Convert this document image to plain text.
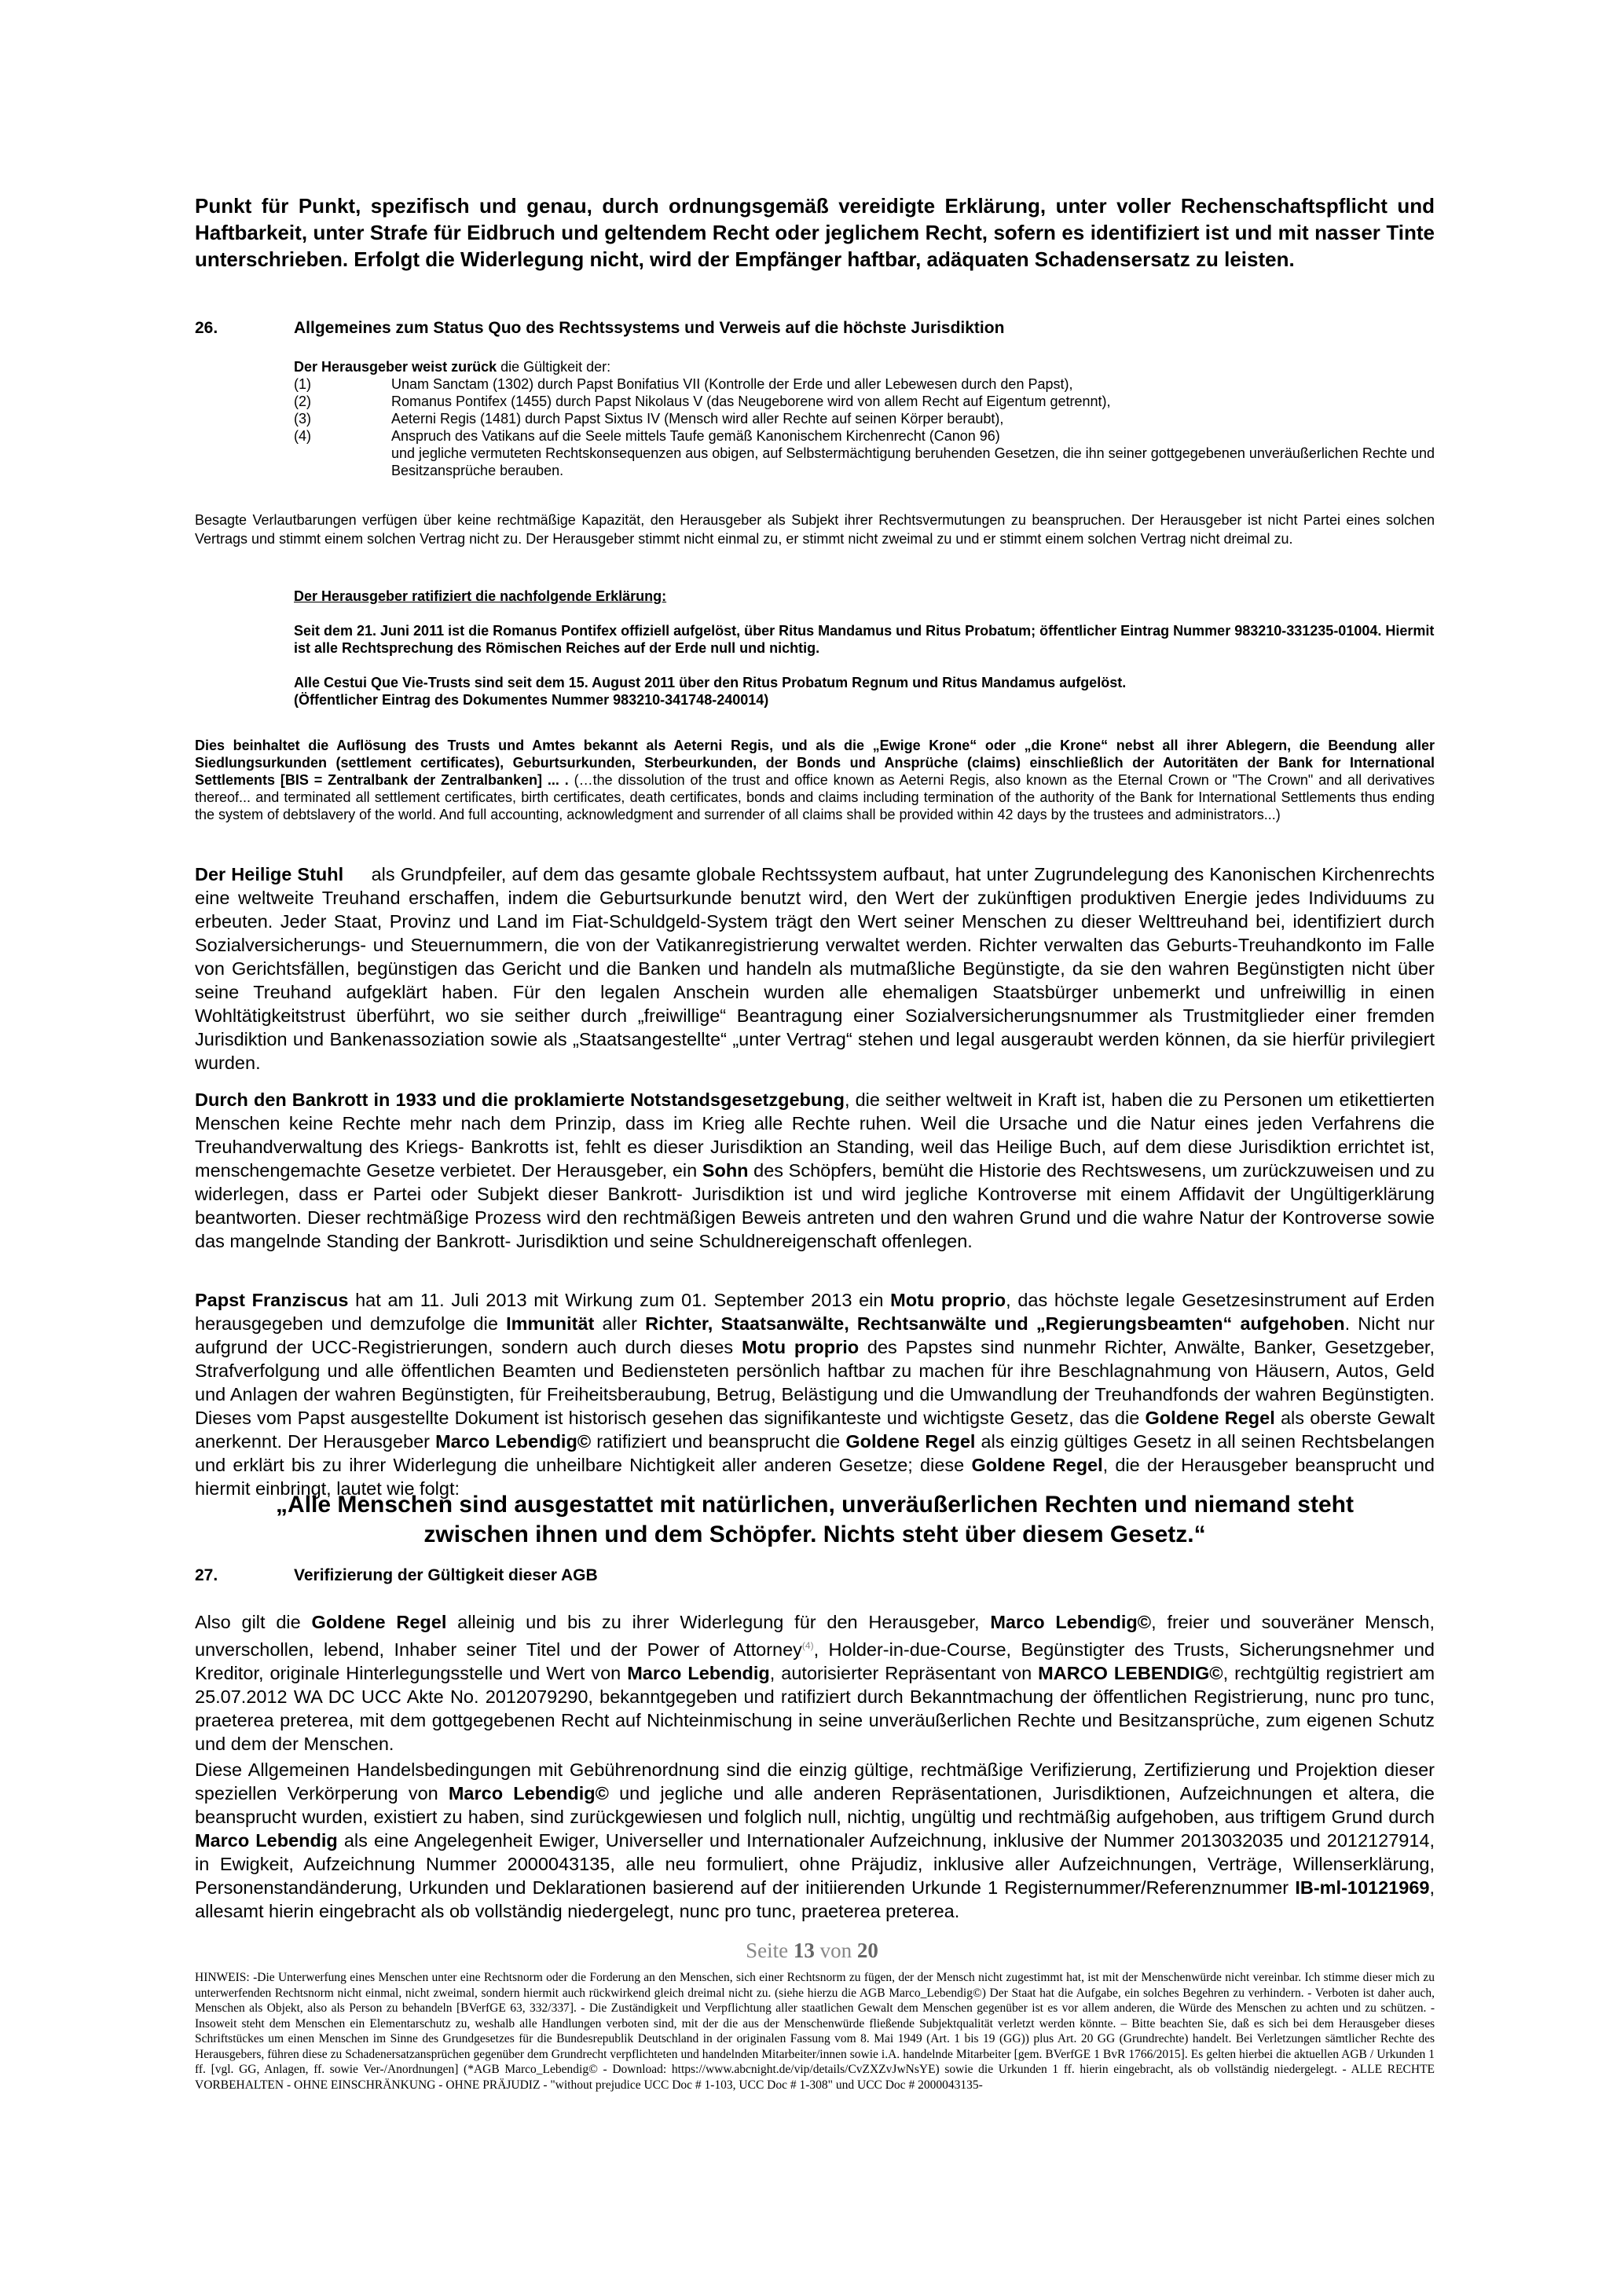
Punkt für Punkt, spezifisch und genau, durch ordnungsgemäß vereidigte Erklärung, unter voller Rechenschaftspflicht und Haftbarkeit, unter Strafe für Eidbruch und geltendem Recht oder jeglichem Recht, sofern es identifiziert ist und mit nasser Tinte unterschrieben. Erfolgt die Widerlegung nicht, wird der Empfänger haftbar, adäquaten Schadensersatz zu leisten.
26.	Allgemeines zum Status Quo des Rechtssystems und Verweis auf die höchste Jurisdiktion
Der Herausgeber weist zurück die Gültigkeit der:
(1)	Unam Sanctam (1302) durch Papst Bonifatius VII (Kontrolle der Erde und aller Lebewesen durch den Papst),
(2)	Romanus Pontifex (1455) durch Papst Nikolaus V (das Neugeborene wird von allem Recht auf Eigentum getrennt),
(3)	Aeterni Regis (1481) durch Papst Sixtus IV (Mensch wird aller Rechte auf seinen Körper beraubt),
(4)	Anspruch des Vatikans auf die Seele mittels Taufe gemäß Kanonischem Kirchenrecht (Canon 96)
und jegliche vermuteten Rechtskonsequenzen aus obigen, auf Selbstermächtigung beruhenden Gesetzen, die ihn seiner gottgegebenen unveräußerlichen Rechte und Besitzansprüche berauben.
Besagte Verlautbarungen verfügen über keine rechtmäßige Kapazität, den Herausgeber als Subjekt ihrer Rechtsvermutungen zu beanspruchen. Der Herausgeber ist nicht Partei eines solchen Vertrags und stimmt einem solchen Vertrag nicht zu. Der Herausgeber stimmt nicht einmal zu, er stimmt nicht zweimal zu und er stimmt einem solchen Vertrag nicht dreimal zu.

Der Herausgeber ratifiziert die nachfolgende Erklärung:

Seit dem 21. Juni 2011 ist die Romanus Pontifex offiziell aufgelöst, über Ritus Mandamus und Ritus Probatum; öffentlicher Eintrag Nummer 983210-331235-01004. Hiermit ist alle Rechtsprechung des Römischen Reiches auf der Erde null und nichtig.

Alle Cestui Que Vie-Trusts sind seit dem 15. August 2011 über den Ritus Probatum Regnum und Ritus Mandamus aufgelöst.
(Öffentlicher Eintrag des Dokumentes Nummer 983210-341748-240014)

Dies beinhaltet die Auflösung des Trusts und Amtes bekannt als Aeterni Regis, und als die „Ewige Krone“ oder „die Krone“ nebst all ihrer Ablegern, die Beendung aller Siedlungsurkunden (settlement certificates), Geburtsurkunden, Sterbeurkunden, der Bonds und Ansprüche (claims) einschließlich der Autoritäten der Bank for International Settlements [BIS = Zentralbank der Zentralbanken] ... . (…the dissolution of the trust and office known as Aeterni Regis, also known as the Eternal Crown or "The Crown" and all derivatives thereof... and terminated all settlement certificates, birth certificates, death certificates, bonds and claims including termination of the authority of the Bank for International Settlements thus ending the system of debtslavery of the world. And full accounting, acknowledgment and surrender of all claims shall be provided within 42 days by the trustees and administrators...)
Der Heilige Stuhl     als Grundpfeiler, auf dem das gesamte globale Rechtssystem aufbaut, hat unter Zugrundelegung des Kanonischen Kirchenrechts eine weltweite Treuhand erschaffen, indem die Geburtsurkunde benutzt wird, den Wert der zukünftigen produktiven Energie jedes Individuums zu erbeuten. Jeder Staat, Provinz und Land im Fiat-Schuldgeld-System trägt den Wert seiner Menschen zu dieser Welttreuhand bei, identifiziert durch Sozialversicherungs- und Steuernummern, die von der Vatikanregistrierung verwaltet werden. Richter verwalten das Geburts-Treuhandkonto im Falle von Gerichtsfällen, begünstigen das Gericht und die Banken und handeln als mutmaßliche Begünstigte, da sie den wahren Begünstigten nicht über seine Treuhand aufgeklärt haben. Für den legalen Anschein wurden alle ehemaligen Staatsbürger unbemerkt und unfreiwillig in einen Wohltätigkeitstrust überführt, wo sie seither durch „freiwillige“ Beantragung einer Sozialversicherungsnummer als Trustmitglieder einer fremden Jurisdiktion und Bankenassoziation sowie als „Staatsangestellte“ „unter Vertrag“ stehen und legal ausgeraubt werden können, da sie hierfür privilegiert wurden.
Durch den Bankrott in 1933 und die proklamierte Notstandsgesetzgebung, die seither weltweit in Kraft ist, haben die zu Personen um etikettierten Menschen keine Rechte mehr nach dem Prinzip, dass im Krieg alle Rechte ruhen. Weil die Ursache und die Natur eines jeden Verfahrens die Treuhandverwaltung des Kriegs- Bankrotts ist, fehlt es dieser Jurisdiktion an Standing, weil das Heilige Buch, auf dem diese Jurisdiktion errichtet ist, menschengemachte Gesetze verbietet. Der Herausgeber, ein Sohn des Schöpfers, bemüht die Historie des Rechtswesens, um zurückzuweisen und zu widerlegen, dass er Partei oder Subjekt dieser Bankrott- Jurisdiktion ist und wird jegliche Kontroverse mit einem Affidavit der Ungültigerklärung beantworten. Dieser rechtmäßige Prozess wird den rechtmäßigen Beweis antreten und den wahren Grund und die wahre Natur der Kontroverse sowie das mangelnde Standing der Bankrott- Jurisdiktion und seine Schuldnereigenschaft offenlegen.
Papst Franziscus hat am 11. Juli 2013 mit Wirkung zum 01. September 2013 ein Motu proprio, das höchste legale Gesetzesinstrument auf Erden herausgegeben und demzufolge die Immunität aller Richter, Staatsanwälte, Rechtsanwälte und „Regierungsbeamten“ aufgehoben. Nicht nur aufgrund der UCC-Registrierungen, sondern auch durch dieses Motu proprio des Papstes sind nunmehr Richter, Anwälte, Banker, Gesetzgeber, Strafverfolgung und alle öffentlichen Beamten und Bediensteten persönlich haftbar zu machen für ihre Beschlagnahmung von Häusern, Autos, Geld und Anlagen der wahren Begünstigten, für Freiheitsberaubung, Betrug, Belästigung und die Umwandlung der Treuhandfonds der wahren Begünstigten. Dieses vom Papst ausgestellte Dokument ist historisch gesehen das signifikanteste und wichtigste Gesetz, das die Goldene Regel als oberste Gewalt anerkennt. Der Herausgeber Marco Lebendig© ratifiziert und beansprucht die Goldene Regel als einzig gültiges Gesetz in all seinen Rechtsbelangen und erklärt bis zu ihrer Widerlegung die unheilbare Nichtigkeit aller anderen Gesetze; diese Goldene Regel, die der Herausgeber beansprucht und hiermit einbringt, lautet wie folgt:
„Alle Menschen sind ausgestattet mit natürlichen, unveräußerlichen Rechten und niemand steht zwischen ihnen und dem Schöpfer. Nichts steht über diesem Gesetz.“
27.	Verifizierung der Gültigkeit dieser AGB
Also gilt die Goldene Regel alleinig und bis zu ihrer Widerlegung für den Herausgeber, Marco Lebendig©, freier und souveräner Mensch, unverschollen, lebend, Inhaber seiner Titel und der Power of Attorney$^{(4)}$, Holder-in-due-Course, Begünstigter des Trusts, Sicherungsnehmer und Kreditor, originale Hinterlegungsstelle und Wert von Marco Lebendig, autorisierter Repräsentant von MARCO LEBENDIG©, rechtgültig registriert am 25.07.2012 WA DC UCC Akte No. 2012079290, bekanntgegeben und ratifiziert durch Bekanntmachung der öffentlichen Registrierung, nunc pro tunc, praeterea preterea, mit dem gottgegebenen Recht auf Nichteinmischung in seine unveräußerlichen Rechte und Besitzansprüche, zum eigenen Schutz und dem der Menschen.
Diese Allgemeinen Handelsbedingungen mit Gebührenordnung sind die einzig gültige, rechtmäßige Verifizierung, Zertifizierung und Projektion dieser speziellen Verkörperung von Marco Lebendig© und jegliche und alle anderen Repräsentationen, Jurisdiktionen, Aufzeichnungen et altera, die beansprucht wurden, existiert zu haben, sind zurückgewiesen und folglich null, nichtig, ungültig und rechtmäßig aufgehoben, aus triftigem Grund durch Marco Lebendig als eine Angelegenheit Ewiger, Universeller und Internationaler Aufzeichnung, inklusive der Nummer 2013032035 und 2012127914, in Ewigkeit, Aufzeichnung Nummer 2000043135, alle neu formuliert, ohne Präjudiz, inklusive aller Aufzeichnungen, Verträge, Willenserklärung, Personenstandänderung, Urkunden und Deklarationen basierend auf der initiierenden Urkunde 1 Registernummer/Referenznummer IB-ml-10121969, allesamt hierin eingebracht als ob vollständig niedergelegt, nunc pro tunc, praeterea preterea.
Seite 13 von 20
HINWEIS: -Die Unterwerfung eines Menschen unter eine Rechtsnorm oder die Forderung an den Menschen, sich einer Rechtsnorm zu fügen, der der Mensch nicht zugestimmt hat, ist mit der Menschenwürde nicht vereinbar. Ich stimme dieser mich zu unterwerfenden Rechtsnorm nicht einmal, nicht zweimal, sondern hiermit auch rückwirkend gleich dreimal nicht zu. (siehe hierzu die AGB Marco_Lebendig©) Der Staat hat die Aufgabe, ein solches Begehren zu verhindern. - Verboten ist daher auch, Menschen als Objekt, also als Person zu behandeln [BVerfGE 63, 332/337]. - Die Zuständigkeit und Verpflichtung aller staatlichen Gewalt dem Menschen gegenüber ist es vor allem anderen, die Würde des Menschen zu achten und zu schützen. - Insoweit steht dem Menschen ein Elementarschutz zu, weshalb alle Handlungen verboten sind, mit der die aus der Menschenwürde fließende Subjektqualität verletzt werden könnte. – Bitte beachten Sie, daß es sich bei dem Herausgeber dieses Schriftstückes um einen Menschen im Sinne des Grundgesetzes für die Bundesrepublik Deutschland in der originalen Fassung vom 8. Mai 1949 (Art. 1 bis 19 (GG)) plus Art. 20 GG (Grundrechte) handelt. Bei Verletzungen sämtlicher Rechte des Herausgebers, führen diese zu Schadenersatzansprüchen gegenüber dem Grundrecht verpflichteten und handelnden Mitarbeiter/innen sowie i.A. handelnde Mitarbeiter [gem. BVerfGE 1 BvR 1766/2015]. Es gelten hierbei die aktuellen AGB / Urkunden 1 ff. [vgl. GG, Anlagen, ff. sowie Ver-/Anordnungen] (*AGB Marco_Lebendig© - Download: https://www.abcnight.de/vip/details/CvZXZvJwNsYE) sowie die Urkunden 1 ff. hierin eingebracht, als ob vollständig niedergelegt. - ALLE RECHTE VORBEHALTEN - OHNE EINSCHRÄNKUNG - OHNE PRÄJUDIZ - "without prejudice UCC Doc # 1-103, UCC Doc # 1-308" und UCC Doc # 2000043135-
